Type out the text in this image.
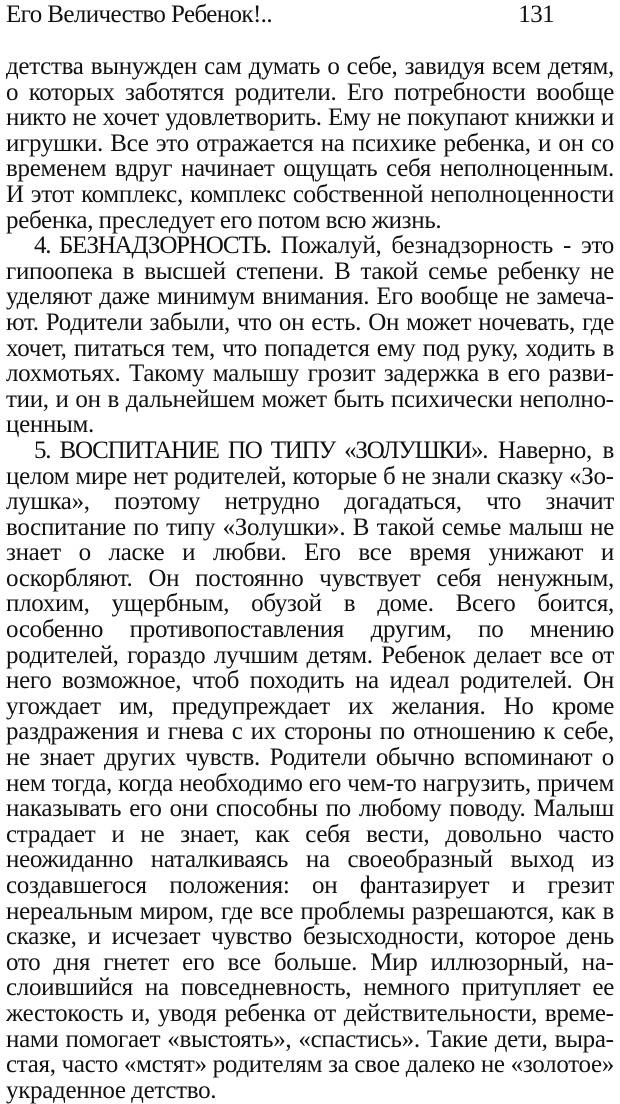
Его Величество Ребенок!..	131

детства вынужден сам думать о себе, завидуя всем детям, о которых заботятся родители. Его потребности вообще никто не хочет удовлетворить. Ему не покупают книжки и игрушки. Все это отражается на психике ребенка, и он со временем вдруг начинает ощущать себя неполноценным. И этот комплекс, комплекс собственной неполноценности ребенка, преследует его потом всю жизнь.

4. БЕЗНАДЗОРНОСТЬ. Пожалуй, безнадзорность - это гипоопека в высшей степени. В такой семье ребенку не уделяют даже минимум внимания. Его вообще не замечают. Родители забыли, что он есть. Он может ночевать, где хочет, питаться тем, что попадется ему под руку, ходить в лохмотьях. Такому малышу грозит задержка в его развитии, и он в дальнейшем может быть психически неполноценным.

5. ВОСПИТАНИЕ ПО ТИПУ «ЗОЛУШКИ». Наверно, в целом мире нет родителей, которые б не знали сказку «Золушка», поэтому нетрудно догадаться, что значит воспитание по типу «Золушки». В такой семье малыш не знает о ласке и любви. Его все время унижают и оскорбляют. Он постоянно чувствует себя ненужным, плохим, ущербным, обузой в доме. Всего боится, особенно противопоставления другим, по мнению родителей, гораздо лучшим детям. Ребенок делает все от него возможное, чтоб походить на идеал родителей. Он угождает им, предупреждает их желания. Но кроме раздражения и гнева с их стороны по отношению к себе, не знает других чувств. Родители обычно вспоминают о нем тогда, когда необходимо его чем-то нагрузить, причем наказывать его они способны по любому поводу. Малыш страдает и не знает, как себя вести, довольно часто неожиданно наталкиваясь на своеобразный выход из создавшегося положения: он фантазирует и грезит нереальным миром, где все проблемы разрешаются, как в сказке, и исчезает чувство безысходности, которое день ото дня гнетет его все больше. Мир иллюзорный, наслоившийся на повседневность, немного притупляет ее жестокость и, уводя ребенка от действительности, временами помогает «выстоять», «спастись». Такие дети, вырастая, часто «мстят» родителям за свое далеко не «золотое» украденное детство.
